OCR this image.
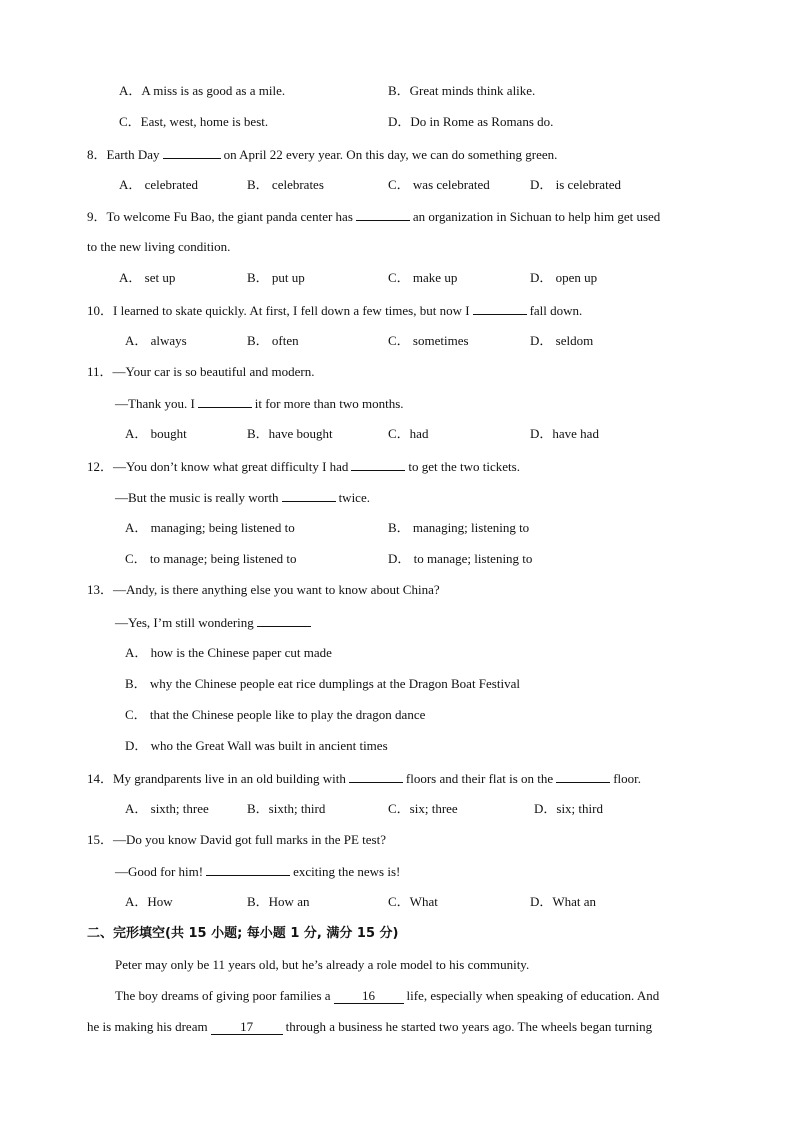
A．A miss is as good as a mile.	B．Great minds think alike.
C．East, west, home is best.	D．Do in Rome as Romans do.
8．Earth Day	on April 22 every year. On this day, we can do something green.
A． celebrated	B． celebrates	C． was celebrated	D． is celebrated
9．To welcome Fu Bao, the giant panda center has	an organization in Sichuan to help him get used
to the new living condition.
A． set up	B． put up	C． make up	D． open up
10．I learned to skate quickly. At first, I fell down a few times, but now I	fall down.
A． always	B． often	C． sometimes	D． seldom
11．—Your car is so beautiful and modern.
—Thank you. I	it for more than two months.
A． bought	B．have bought	C．had	D．have had
12．—You don’t know what great difficulty I had	to get the two tickets.
—But the music is really worth	twice.
A． managing; being listened to	B． managing; listening to
C． to manage; being listened to	D． to manage; listening to
13．—Andy, is there anything else you want to know about China?
—Yes, I’m still wondering
A． how is the Chinese paper cut made
B． why the Chinese people eat rice dumplings at the Dragon Boat Festival
C． that the Chinese people like to play the dragon dance
D． who the Great Wall was built in ancient times
14．My grandparents live in an old building with	floors and their flat is on the	floor.
A． sixth; three	B．sixth; third	C．six; three	D．six; third
15．—Do you know David got full marks in the PE test?
—Good for him!	exciting the news is!
A．How	B．How an	C．What	D．What an
二、完形填空(共 15 小题; 每小题 1 分, 满分 15 分)
Peter may only be 11 years old, but he’s already a role model to his community.
The boy dreams of giving poor families a 16 life, especially when speaking of education. And
he is making his dream	17	through a business he started two years ago. The wheels began turning
